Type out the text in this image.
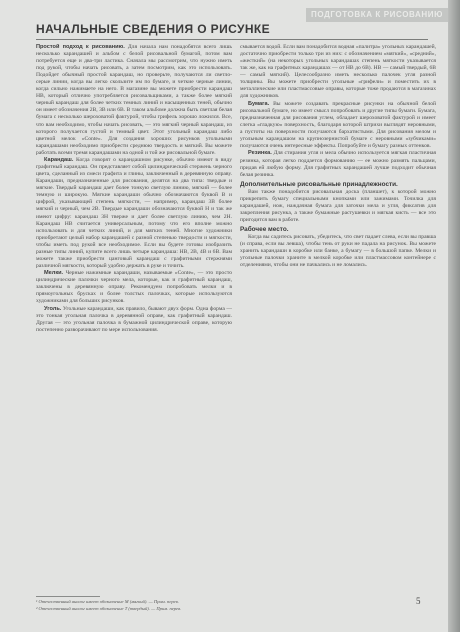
ПОДГОТОВКА К РИСОВАНИЮ
НАЧАЛЬНЫЕ СВЕДЕНИЯ О РИСУНКЕ

Простой подход к рисованию. Для начала нам понадобятся всего лишь несколько карандашей и альбом с белой рисовальной бумагой, потом вам потребуется еще и два-три ластика. Сначала мы рассмотрим, что нужно иметь под рукой, чтобы начать рисовать, а затем посмотрим, как это использовать. Подойдет обычный простой карандаш, но проверьте, получаются ли светло-серые линии, когда вы легко скользите им по бумаге, и четкие черные линии, когда сильно нажимаете на него. В магазине вы можете приобрести карандаш HB, который отлично употребляется рисовальщиками, а также более мягкий черный карандаш для более четких темных линий и насыщенных теней, обычно он имеет обозначения 2B, 3B или 6B. В таком альбоме должна быть светлая белая бумага с несколько шероховатой фактурой, чтобы грифель хорошо ложился. Все, что вам необходимо, чтобы начать рисовать, — это мягкий черный карандаш, из которого получается густой и темный цвет. Этот угольный карандаш либо цветной мелок «Conte». Для создания хороших рисунков угольными карандашами необходимо приобрести среднюю твердость и мягкий. Вы можете работать всеми тремя карандашами на одной и той же рисовальной бумаге.

Карандаш. Когда говорят о карандашном рисунке, обычно имеют в виду графитный карандаш. Он представляет собой цилиндрический стержень черного цвета, сделанный из смеси графита и глины, заключенный в деревянную оправу. Карандаши, предназначенные для рисования, делятся на два типа: твердые и мягкие. Твердый карандаш дает более тонкую светлую линию, мягкий — более темную и широкую. Мягкие карандаши обычно обозначаются буквой B и цифрой, указывающей степень мягкости, — например, карандаш 3B более мягкий и черный, чем 2B. Твердые карандаши обозначаются буквой H и так же имеют цифру: карандаш 3H тверже и дает более светлую линию, чем 2H. Карандаш HB считается универсальным, потому что его вполне можно использовать и для четких линий, и для мягких теней. Многие художники приобретают целый набор карандашей с разной степенью твердости и мягкости, чтобы иметь под рукой все необходимое. Если вы будете готовы изобразить разные типы линий, купите всего лишь четыре карандаша: HB, 2B, 4B и 6B. Вам можете также приобрести цанговый карандаш с графитными стержнями различной мягкости, который удобно держать в руке и точить.

Мелки. Черные нажимные карандаши, называемые «Conte», — это просто цилиндрические палочки черного мела, которые, как и графитный карандаш, заключены в деревянную оправу. Рекомендуем попробовать мелки и в прямоугольных брусках и более толстых палочках, которые используются художниками для больших рисунков.

Уголь. Угольные карандаши, как правило, бывают двух форм. Одна форма — это тонкая угольная палочка в деревянной оправе, как графитный карандаш. Другая — это угольная палочка в бумажной цилиндрической оправе, которую постепенно разворачивают по мере использования.

смывается водой. Если вам понадобится водная «палитра» угольных карандашей, достаточно приобрести только три из них: с обозначением «мягкий», «средний», «жесткий» (на некоторых угольных карандашах степень мягкости указывается так же, как на графитных карандашах — от HB до 6B). HB — самый твердый, 6B — самый мягкий). Целесообразно иметь несколько палочек угля разной толщины. Вы можете приобрести угольные «грифели» и поместить их в металлические или пластмассовые оправы, которые тоже продаются в магазинах для художников.

Бумага. Вы можете создавать прекрасные рисунки на обычной белой рисовальной бумаге, но имеет смысл попробовать и другие типы бумаги. Бумага, предназначенная для рисования углем, обладает шероховатой фактурой и имеет слегка «гладкую» поверхность, благодаря которой штрихи выглядят неровными, а пустоты на поверхности получаются бархатистыми. Для рисования мелом и угольным карандашом на крупнозернистой бумаге с неровными «зубчиками» получаются очень интересные эффекты. Попробуйте и бумагу разных оттенков.

Резинка. Для стирания угля и мела обычно используется мягкая пластичная резинка, которая легко поддается формованию — ее можно размять пальцами, придав ей любую форму. Для графитных карандашей лучше подходит обычная белая резинка.

Дополнительные рисовальные принадлежности.

Вам также понадобится рисовальная доска (планшет), к которой можно прикрепить бумагу специальными кнопками или зажимами. Точилка для карандашей, нож, наждачная бумага для заточки мела и угля, фиксатив для закрепления рисунка, а также бумажные растушевки и мягкая кисть — все это пригодится вам в работе.

Рабочее место.

Когда вы садитесь рисовать, убедитесь, что свет падает слева, если вы правша (и справа, если вы левша), чтобы тень от руки не падала на рисунок. Вы можете хранить карандаши в коробке или банке, а бумагу — в большой папке. Мелки и угольные палочки храните в мелкой коробке или пластмассовом контейнере с отделениями, чтобы они не пачкались и не ломались.

¹ Отечественный аналог имеет обозначение М (мягкий). — Прим. перев.
² Отечественный аналог имеет обозначение Т (твердый). — Прим. перев.
5
